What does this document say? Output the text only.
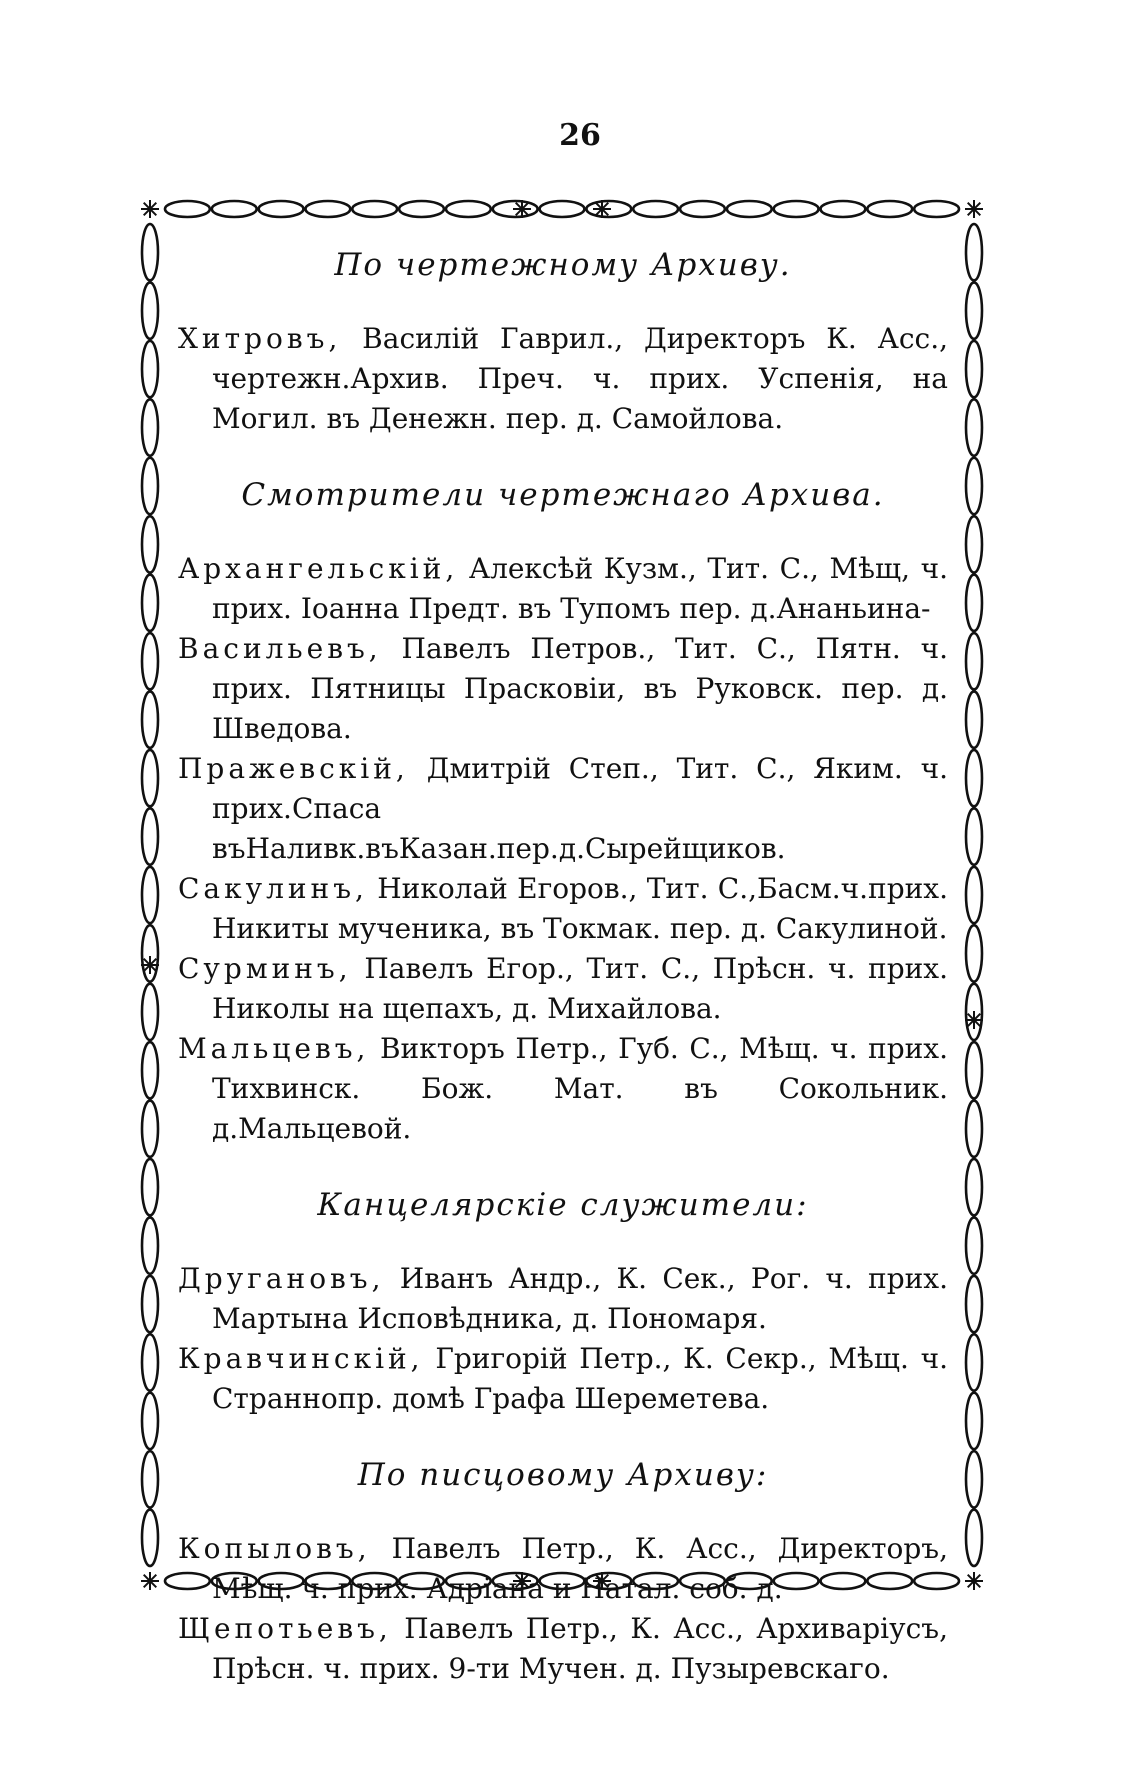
26

По чертежному Архиву.

Хитровъ, Василій Гаврил., Директоръ К. Асс., чертежн.Архив. Преч. ч. прих. Успенія, на Могил. въ Денежн. пер. д. Самойлова.

Смотрители чертежнаго Архива.

Архангельскій, Алексѣй Кузм., Тит. С., Мѣщ, ч. прих. Іоанна Предт. въ Тупомъ пер. д.Ананьина-

Васильевъ, Павелъ Петров., Тит. С., Пятн. ч. прих. Пятницы Прасковіи, въ Руковск. пер. д. Шведова.

Пражевскій, Дмитрій Степ., Тит. С., Яким. ч. прих.Спаса въНаливк.въКазан.пер.д.Сырейщиков.

Сакулинъ, Николай Егоров., Тит. С.,Басм.ч.прих. Никиты мученика, въ Токмак. пер. д. Сакулиной.

Сурминъ, Павелъ Егор., Тит. С., Прѣсн. ч. прих. Николы на щепахъ, д. Михайлова.

Мальцевъ, Викторъ Петр., Губ. С., Мѣщ. ч. прих. Тихвинск. Бож. Мат. въ Сокольник. д.Мальцевой.

Канцелярскіе служители:

Другановъ, Иванъ Андр., К. Сек., Рог. ч. прих. Мартына Исповѣдника, д. Пономаря.

Кравчинскій, Григорій Петр., К. Секр., Мѣщ. ч. Страннопр. домѣ Графа Шереметева.

По писцовому Архиву:

Копыловъ, Павелъ Петр., К. Асс., Директоръ, Мѣщ. ч. прих. Адріана и Натал. соб. д.

Щепотьевъ, Павелъ Петр., К. Асс., Архиваріусъ, Прѣсн. ч. прих. 9-ти Мучен. д. Пузыревскаго.
